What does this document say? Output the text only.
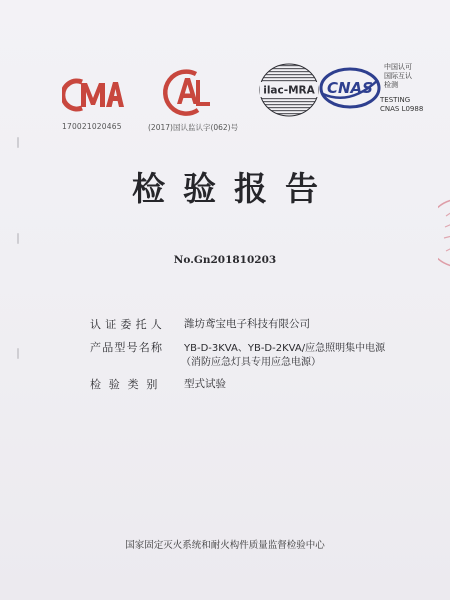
170021020465	(2017)国认监认字(062)号
ilac-MRA CNAS
中国认可
国际互认
检测
TESTING
CNAS L0988
检验报告
No.Gn201810203
认证委托人 潍坊鸢宝电子科技有限公司
产品型号名称 YB-D-3KVA、YB-D-2KVA/应急照明集中电源
（消防应急灯具专用应急电源）
检验类别 型式试验
国家固定灭火系统和耐火构件质量监督检验中心
